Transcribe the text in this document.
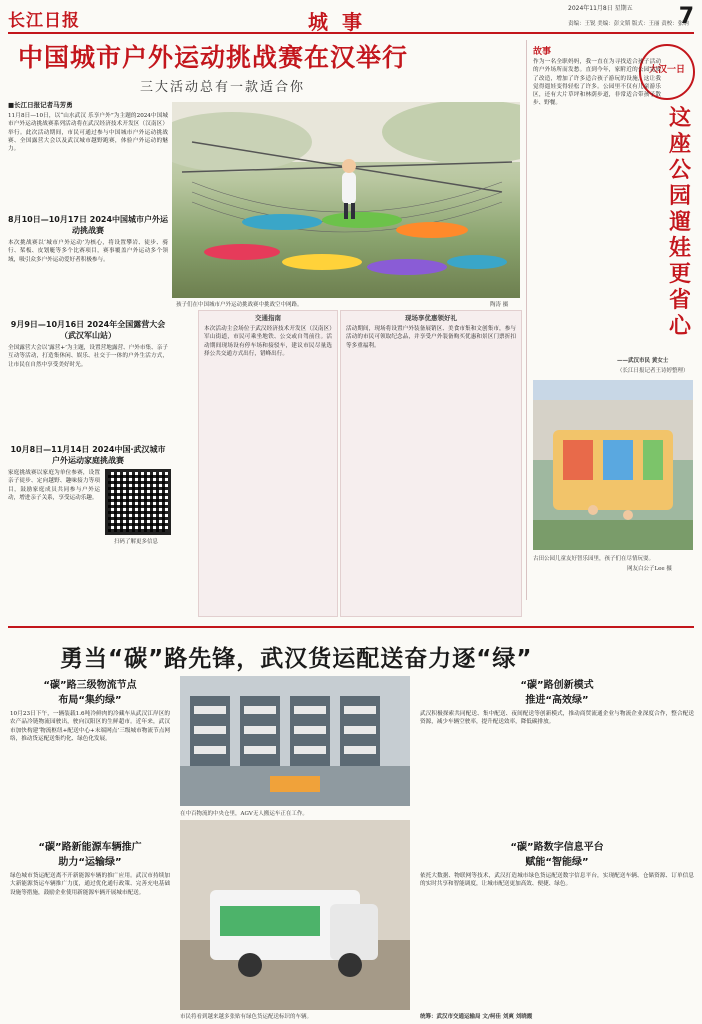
长江日报	城事
2024年11月8日 星期五
责编：王锐 美编：彭文韬 版式：王丽 责校：张纳
7
中国城市户外运动挑战赛在汉举行
三大活动总有一款适合你
■长江日报记者马芳勇
11月8日—10日，以“山水武汉 乐享户外”为主题的2024中国城市户外运动挑战赛系列活动将在武汉经济技术开发区（汉南区）举行。此次活动期间，市民可通过参与中国城市户外运动挑战赛、全国露营大会以及武汉城市越野跑赛，体验户外运动的魅力。
8月10日—10月17日 2024中国城市户外运动挑战赛
本次挑战赛以‘城市户外运动’为核心，将设置攀岩、徒步、骑行、桨板、皮划艇等多个比赛项目，赛事覆盖户外运动多个领域，吸引众多户外运动爱好者积极参与。
9月9日—10月16日 2024年全国露营大会（武汉军山站）
全国露营大会以‘露营+’为主题，设置营地露营、户外市集、亲子互动等活动，打造集休闲、娱乐、社交于一体的户外生活方式，让市民在自然中享受美好时光。
10月8日—11月14日 2024中国·武汉城市户外运动家庭挑战赛
家庭挑战赛以家庭为单位参赛，设置亲子徒步、定向越野、趣味接力等项目，鼓励家庭成员共同参与户外运动，增进亲子关系，享受运动乐趣。
扫码了解更多信息
孩子们在中国城市户外运动挑战赛中挑战空中网路。	陶涛 摄
交通指南
本次活动主会场位于武汉经济技术开发区（汉南区）军山街道，市民可乘坐地铁、公交或自驾前往。活动期间现场设有停车场和接驳车，建议市民尽量选择公共交通方式出行，错峰出行。
现场享优惠领好礼
活动期间，现场将设置户外装备展销区、美食市集和文创集市，参与活动的市民可领取纪念品，并享受户外装备购买优惠和景区门票折扣等多重福利。
故事
大汉一日
这座公园遛娃更省心
作为一名全职妈妈，我一直在为寻找适合孩子活动的户外场所而发愁。直到今年，家附近的公园完成了改造，增加了许多适合孩子游玩的设施，这让我觉得遛娃变得轻松了许多。公园里不仅有儿童游乐区，还有大片草坪和林荫步道，非常适合带孩子散步、野餐。
——武汉市民 黄女士
（长江日报记者王诗婷整理）
古田公园儿童友好智乐园里，孩子们在尽情玩耍。
网友白公子Lee 摄
勇当“碳”路先锋，武汉货运配送奋力逐“绿”
“碳”路三级物流节点
布局“集约绿”
10月23日下午，一辆装载1.6吨冷鲜肉的冷藏车从武汉江岸区的农产品冷链物流园驶出，驶向汉阳区的生鲜超市。近年来，武汉市加快构建‘物流枢纽+配送中心+末端网点’三级城市物流节点网络，推动货运配送集约化、绿色化发展。
“碳”路新能源车辆推广
助力“运输绿”
绿色城市货运配送离不开新能源车辆的推广应用。武汉市持续加大新能源货运车辆推广力度，通过优化通行政策、完善充电基础设施等措施，鼓励企业使用新能源车辆开展城市配送。
在中百物流的中央仓里，AGV无人搬运车正在工作。
市民将看到越来越多张贴有绿色货运配送标识的车辆。
“碳”路创新模式
推进“高效绿”
武汉积极探索共同配送、集中配送、夜间配送等创新模式，推动商贸流通企业与物流企业深度合作，整合配送资源，减少车辆空驶率，提升配送效率，降低碳排放。
“碳”路数字信息平台
赋能“智能绿”
依托大数据、物联网等技术，武汉打造城市绿色货运配送数字信息平台，实现配送车辆、仓储资源、订单信息的实时共享和智能调度，让城市配送更加高效、便捷、绿色。
统筹：武汉市交通运输局 文/柯佳 刘爽 刘晓霞
